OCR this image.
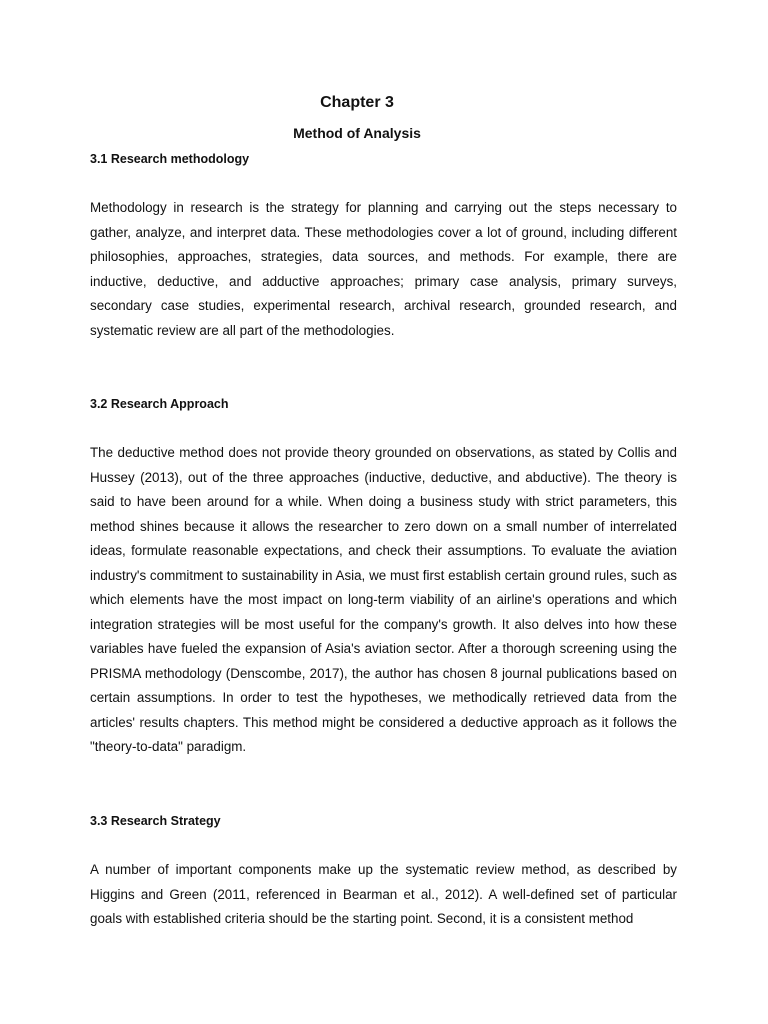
Chapter 3
Method of Analysis
3.1 Research methodology

Methodology in research is the strategy for planning and carrying out the steps necessary to gather, analyze, and interpret data. These methodologies cover a lot of ground, including different philosophies, approaches, strategies, data sources, and methods. For example, there are inductive, deductive, and adductive approaches; primary case analysis, primary surveys, secondary case studies, experimental research, archival research, grounded research, and systematic review are all part of the methodologies.

3.2 Research Approach

The deductive method does not provide theory grounded on observations, as stated by Collis and Hussey (2013), out of the three approaches (inductive, deductive, and abductive). The theory is said to have been around for a while. When doing a business study with strict parameters, this method shines because it allows the researcher to zero down on a small number of interrelated ideas, formulate reasonable expectations, and check their assumptions. To evaluate the aviation industry's commitment to sustainability in Asia, we must first establish certain ground rules, such as which elements have the most impact on long-term viability of an airline's operations and which integration strategies will be most useful for the company's growth. It also delves into how these variables have fueled the expansion of Asia's aviation sector. After a thorough screening using the PRISMA methodology (Denscombe, 2017), the author has chosen 8 journal publications based on certain assumptions. In order to test the hypotheses, we methodically retrieved data from the articles' results chapters. This method might be considered a deductive approach as it follows the "theory-to-data" paradigm.

3.3 Research Strategy

A number of important components make up the systematic review method, as described by Higgins and Green (2011, referenced in Bearman et al., 2012). A well-defined set of particular goals with established criteria should be the starting point. Second, it is a consistent method
